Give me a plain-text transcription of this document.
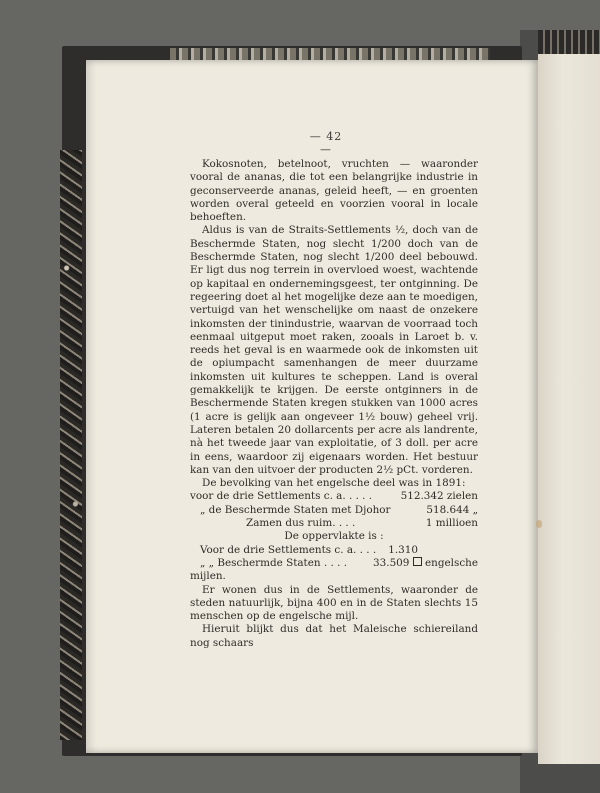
— 42 —

Kokosnoten, betelnoot, vruchten — waaronder vooral de ananas, die tot een belangrijke industrie in geconserveerde ananas, geleid heeft, — en groenten worden overal geteeld en voorzien vooral in locale behoeften.

Aldus is van de Straits-Settlements ½, doch van de Beschermde Staten, nog slecht 1/200 doch van de Beschermde Staten, nog slecht 1/200 deel bebouwd. Er ligt dus nog terrein in overvloed woest, wachtende op kapitaal en ondernemingsgeest, ter ontginning. De regeering doet al het mogelijke deze aan te moedigen, vertuigd van het wenschelijke om naast de onzekere inkomsten der tinindustrie, waarvan de voorraad toch eenmaal uitgeput moet raken, zooals in Laroet b. v. reeds het geval is en waarmede ook de inkomsten uit de opiumpacht samenhangen de meer duurzame inkomsten uit kultures te scheppen. Land is overal gemakkelijk te krijgen. De eerste ontginners in de Beschermende Staten kregen stukken van 1000 acres (1 acre is gelijk aan ongeveer 1½ bouw) geheel vrij. Lateren betalen 20 dollarcents per acre als landrente, nà het tweede jaar van exploitatie, of 3 doll. per acre in eens, waardoor zij eigenaars worden. Het bestuur kan van den uitvoer der producten 2½ pCt. vorderen.

De bevolking van het engelsche deel was in 1891:

voor de drie Settlements c. a. . . . .	512.342 zielen
„ de Beschermde Staten met Djohor	518.644 „
Zamen dus ruim. . . .	1 millioen
De oppervlakte is :
Voor de drie Settlements c. a. . . . 1.310
„ „ Beschermde Staten . . . .	33.509

engelsche
mijlen.

Er wonen dus in de Settlements, waaronder de steden natuurlijk, bijna 400 en in de Staten slechts 15 menschen op de engelsche mijl.

Hieruit blijkt dus dat het Maleische schiereiland nog schaars
